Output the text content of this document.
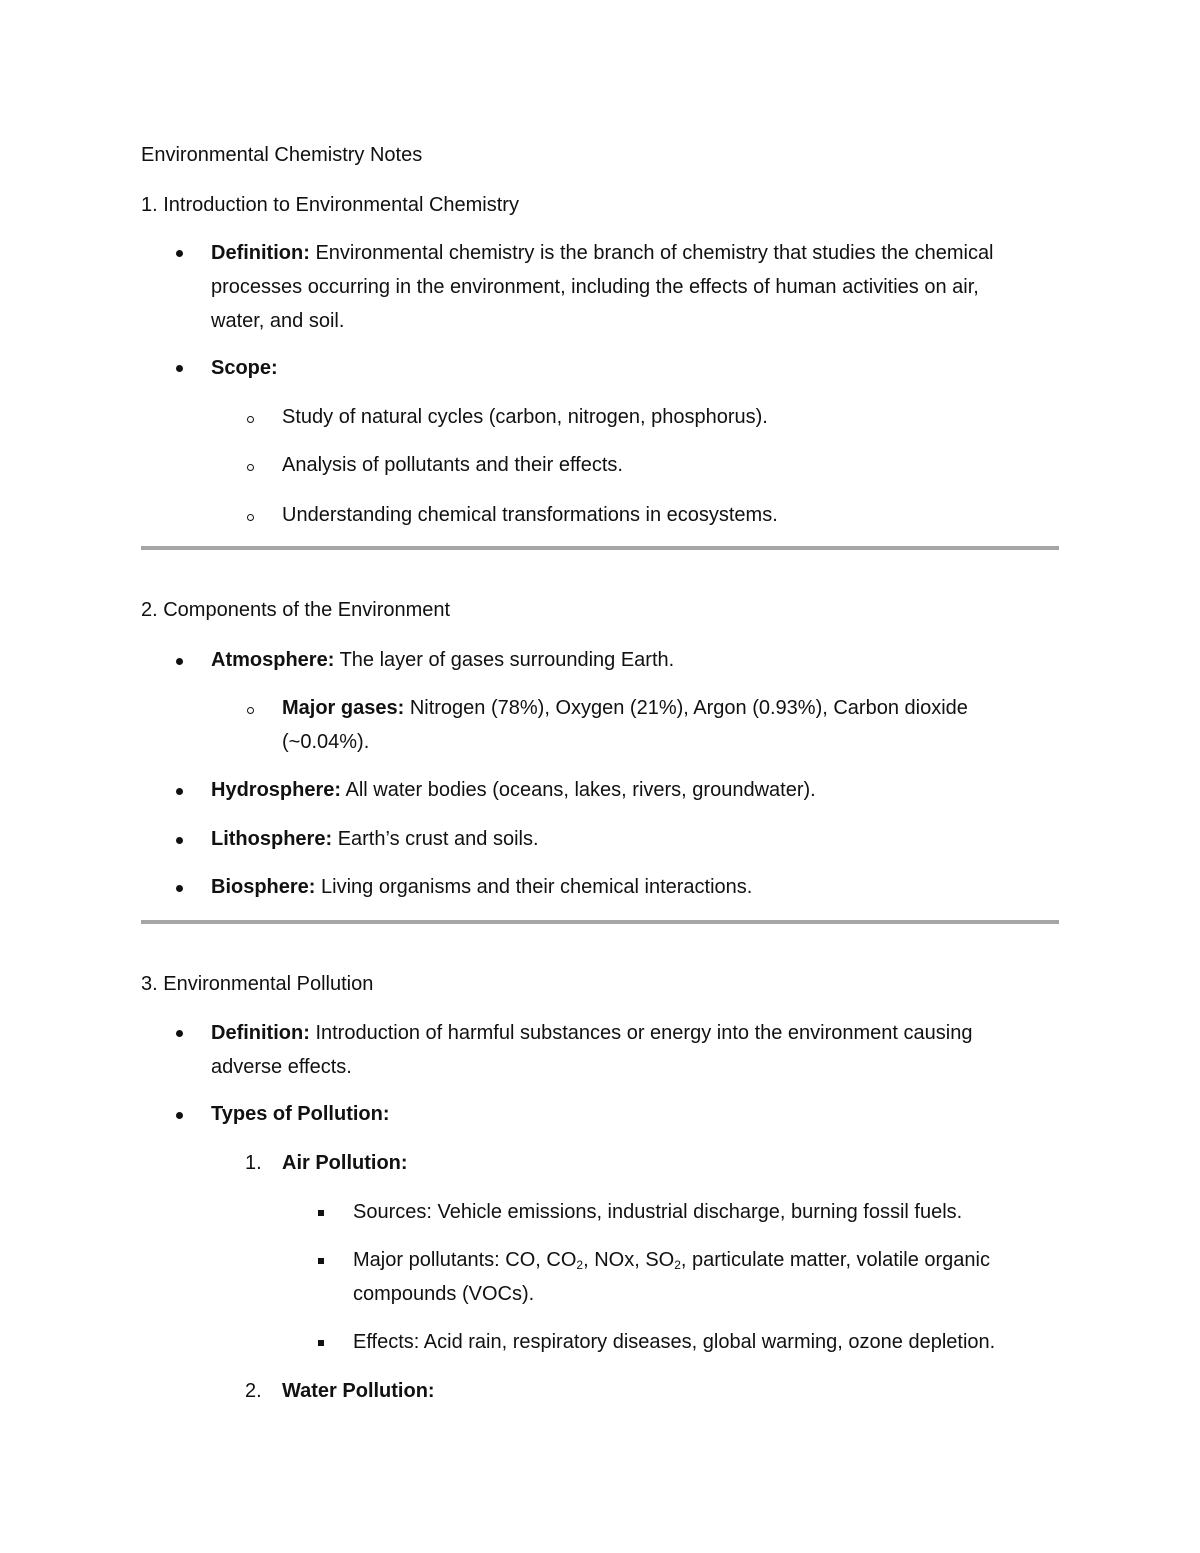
Environmental Chemistry Notes
1. Introduction to Environmental Chemistry
Definition: Environmental chemistry is the branch of chemistry that studies the chemical
processes occurring in the environment, including the effects of human activities on air,
water, and soil.
Scope:
Study of natural cycles (carbon, nitrogen, phosphorus).
Analysis of pollutants and their effects.
Understanding chemical transformations in ecosystems.
2. Components of the Environment
Atmosphere: The layer of gases surrounding Earth.
Major gases: Nitrogen (78%), Oxygen (21%), Argon (0.93%), Carbon dioxide
(~0.04%).
Hydrosphere: All water bodies (oceans, lakes, rivers, groundwater).
Lithosphere: Earth’s crust and soils.
Biosphere: Living organisms and their chemical interactions.
3. Environmental Pollution
Definition: Introduction of harmful substances or energy into the environment causing
adverse effects.
Types of Pollution:
1. Air Pollution:
Sources: Vehicle emissions, industrial discharge, burning fossil fuels.
Major pollutants: CO, $CO_2$, NOx, $SO_2$, particulate matter, volatile organic
compounds (VOCs).
Effects: Acid rain, respiratory diseases, global warming, ozone depletion.
2. Water Pollution:
